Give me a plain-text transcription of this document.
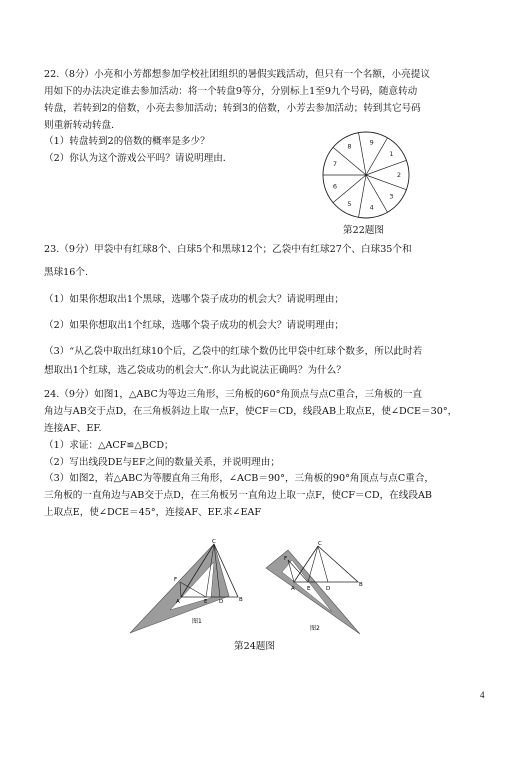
22.（8分）小亮和小芳都想参加学校社团组织的暑假实践活动，但只有一个名额，小亮提议
用如下的办法决定谁去参加活动：将一个转盘9等分，分别标上1至9九个号码，随意转动
转盘，若转到2的倍数，小亮去参加活动；转到3的倍数，小芳去参加活动；转到其它号码
则重新转动转盘．
（1）转盘转到2的倍数的概率是多少？
（2）你认为这个游戏公平吗？请说明理由．
9
1
2
3
4
5
6
7
8
第22题图
23.（9分）甲袋中有红球8个、白球5个和黑球12个；乙袋中有红球27个、白球35个和
黑球16个.
（1）如果你想取出1个黑球，选哪个袋子成功的机会大？请说明理由；
（2）如果你想取出1个红球，选哪个袋子成功的机会大？请说明理由；
（3）“从乙袋中取出红球10个后，乙袋中的红球个数仍比甲袋中红球个数多，所以此时若
想取出1个红球，选乙袋成功的机会大”.你认为此说法正确吗？为什么？
24.（9分）如图1，△ABC为等边三角形，三角板的60°角顶点与点C重合，三角板的一直
角边与AB交于点D，在三角板斜边上取一点F，使CF＝CD，线段AB上取点E，使∠DCE＝30°，
连接AF、EF.
（1）求证：△ACF≌△BCD；
（2）写出线段DE与EF之间的数量关系，并说明理由；
（3）如图2，若△ABC为等腰直角三角形，∠ACB＝90°，三角板的90°角顶点与点C重合，
三角板的一直角边与AB交于点D，在三角板另一直角边上取一点F，使CF＝CD，在线段AB
上取点E，使∠DCE＝45°，连接AF、EF.求∠EAF
C
F
A	D
E	B
图1
C
F
A	D
E
B
图2
第24题图
4
